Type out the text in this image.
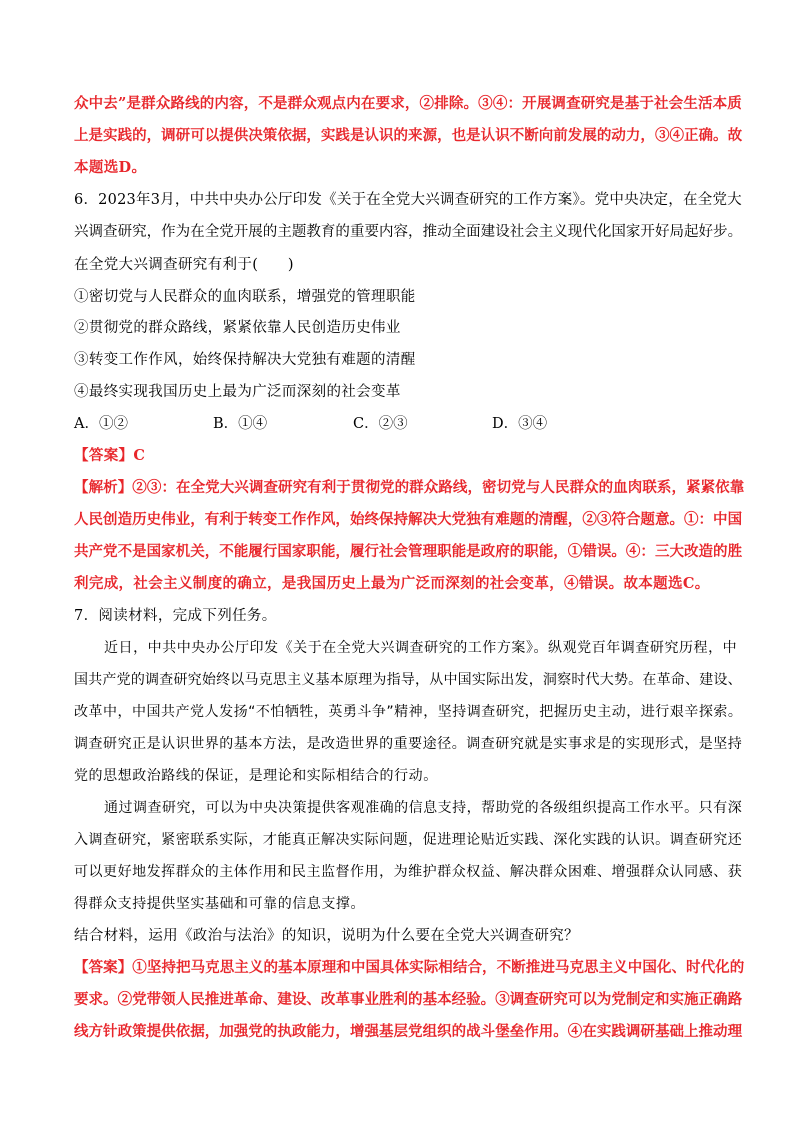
众中去”是群众路线的内容，不是群众观点内在要求，②排除。③④：开展调查研究是基于社会生活本质
上是实践的，调研可以提供决策依据，实践是认识的来源，也是认识不断向前发展的动力，③④正确。故
本题选D。
6．2023年3月，中共中央办公厅印发《关于在全党大兴调查研究的工作方案》。党中央决定，在全党大
兴调查研究，作为在全党开展的主题教育的重要内容，推动全面建设社会主义现代化国家开好局起好步。
在全党大兴调查研究有利于(　　)
①密切党与人民群众的血肉联系，增强党的管理职能
②贯彻党的群众路线，紧紧依靠人民创造历史伟业
③转变工作作风，始终保持解决大党独有难题的清醒
④最终实现我国历史上最为广泛而深刻的社会变革
A．①②	B．①④	C．②③	D．③④
【答案】C
【解析】②③：在全党大兴调查研究有利于贯彻党的群众路线，密切党与人民群众的血肉联系，紧紧依靠
人民创造历史伟业，有利于转变工作作风，始终保持解决大党独有难题的清醒，②③符合题意。①：中国
共产党不是国家机关，不能履行国家职能，履行社会管理职能是政府的职能，①错误。④：三大改造的胜
利完成，社会主义制度的确立，是我国历史上最为广泛而深刻的社会变革，④错误。故本题选C。
7．阅读材料，完成下列任务。
近日，中共中央办公厅印发《关于在全党大兴调查研究的工作方案》。纵观党百年调查研究历程，中
国共产党的调查研究始终以马克思主义基本原理为指导，从中国实际出发，洞察时代大势。在革命、建设、
改革中，中国共产党人发扬“不怕牺牲，英勇斗争”精神，坚持调查研究，把握历史主动，进行艰辛探索。
调查研究正是认识世界的基本方法，是改造世界的重要途径。调查研究就是实事求是的实现形式，是坚持
党的思想政治路线的保证，是理论和实际相结合的行动。
通过调查研究，可以为中央决策提供客观准确的信息支持，帮助党的各级组织提高工作水平。只有深
入调查研究，紧密联系实际，才能真正解决实际问题，促进理论贴近实践、深化实践的认识。调查研究还
可以更好地发挥群众的主体作用和民主监督作用，为维护群众权益、解决群众困难、增强群众认同感、获
得群众支持提供坚实基础和可靠的信息支撑。
结合材料，运用《政治与法治》的知识，说明为什么要在全党大兴调查研究？
【答案】①坚持把马克思主义的基本原理和中国具体实际相结合，不断推进马克思主义中国化、时代化的
要求。②党带领人民推进革命、建设、改革事业胜利的基本经验。③调查研究可以为党制定和实施正确路
线方针政策提供依据，加强党的执政能力，增强基层党组织的战斗堡垒作用。④在实践调研基础上推动理
